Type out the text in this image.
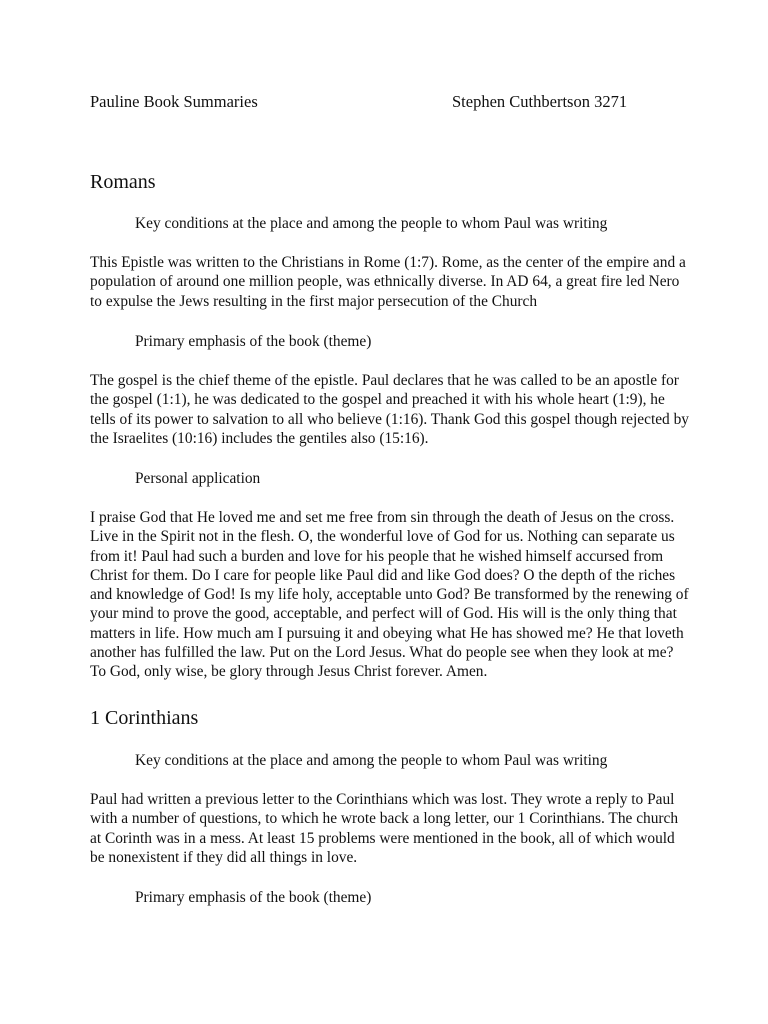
Pauline Book Summaries	Stephen Cuthbertson 3271
Romans
Key conditions at the place and among the people to whom Paul was writing
This Epistle was written to the Christians in Rome (1:7). Rome, as the center of the empire and a
population of around one million people, was ethnically diverse. In AD 64, a great fire led Nero
to expulse the Jews resulting in the first major persecution of the Church
Primary emphasis of the book (theme)
The gospel is the chief theme of the epistle. Paul declares that he was called to be an apostle for
the gospel (1:1), he was dedicated to the gospel and preached it with his whole heart (1:9), he
tells of its power to salvation to all who believe (1:16). Thank God this gospel though rejected by
the Israelites (10:16) includes the gentiles also (15:16).
Personal application
I praise God that He loved me and set me free from sin through the death of Jesus on the cross.
Live in the Spirit not in the flesh. O, the wonderful love of God for us. Nothing can separate us
from it! Paul had such a burden and love for his people that he wished himself accursed from
Christ for them. Do I care for people like Paul did and like God does? O the depth of the riches
and knowledge of God! Is my life holy, acceptable unto God? Be transformed by the renewing of
your mind to prove the good, acceptable, and perfect will of God. His will is the only thing that
matters in life. How much am I pursuing it and obeying what He has showed me? He that loveth
another has fulfilled the law. Put on the Lord Jesus. What do people see when they look at me?
To God, only wise, be glory through Jesus Christ forever. Amen.
1 Corinthians
Key conditions at the place and among the people to whom Paul was writing
Paul had written a previous letter to the Corinthians which was lost. They wrote a reply to Paul
with a number of questions, to which he wrote back a long letter, our 1 Corinthians. The church
at Corinth was in a mess. At least 15 problems were mentioned in the book, all of which would
be nonexistent if they did all things in love.
Primary emphasis of the book (theme)
